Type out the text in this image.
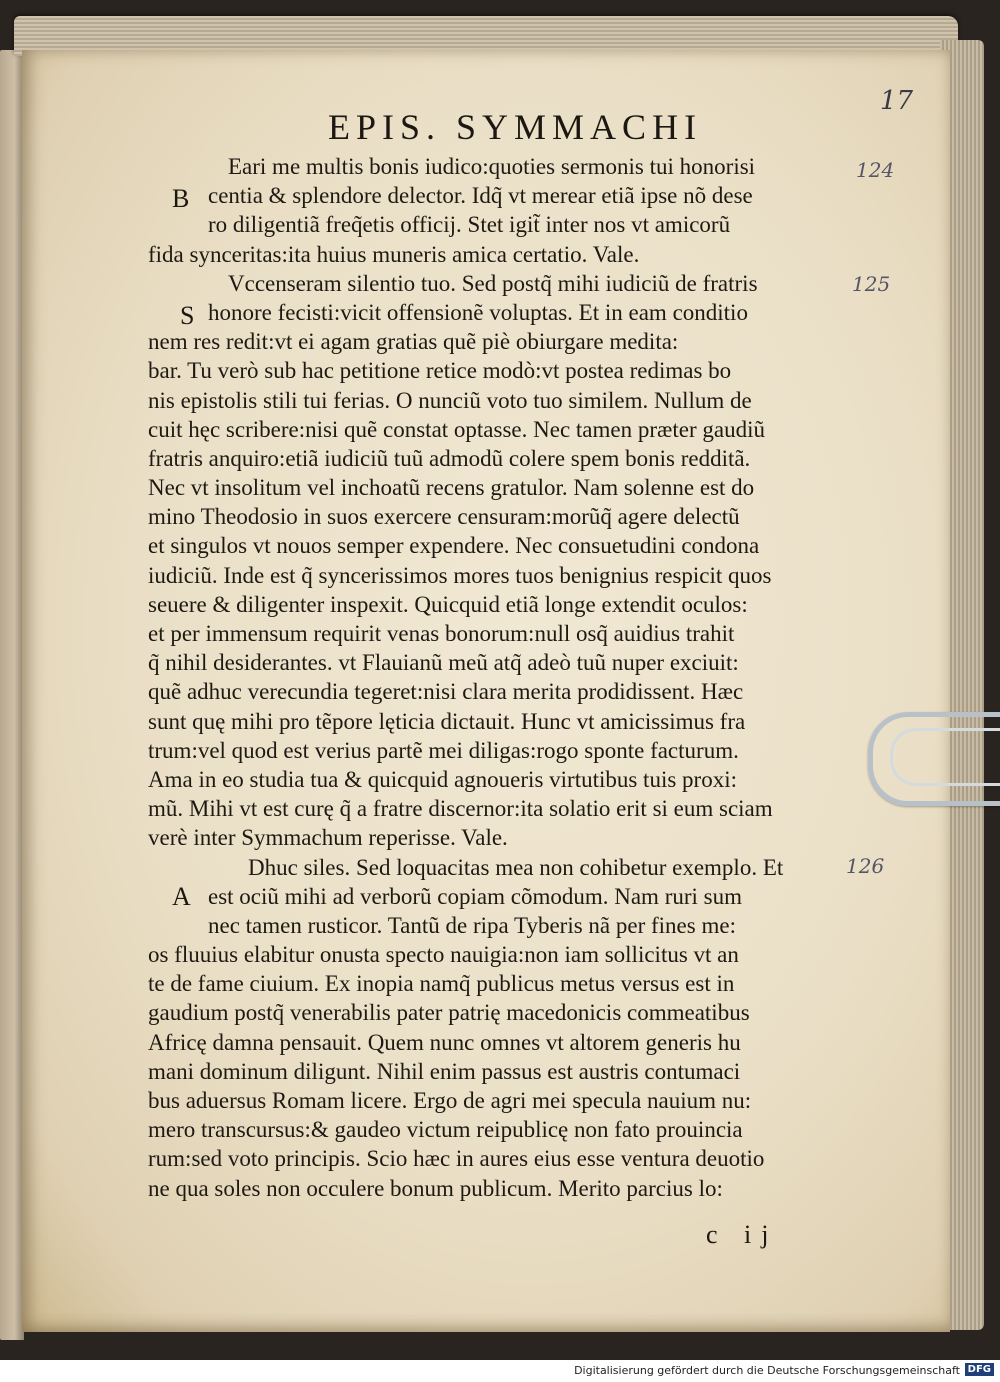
17
EPIS. SYMMACHI
B
S
A
124
125
126
Eari me multis bonis iudico:quoties sermonis tui honorisi
centia & splendore delector. Idq̃ vt merear etiã ipse nõ dese
ro diligentiã freq̃etis officij. Stet igit̃ inter nos vt amicorũ
fida synceritas:ita huius muneris amica certatio. Vale.
Vccenseram silentio tuo. Sed postq̃ mihi iudiciũ de fratris
honore fecisti:vicit offensionẽ voluptas. Et in eam conditio
nem res redit:vt ei agam gratias quẽ piè obiurgare medita:
bar. Tu verò sub hac petitione retice modò:vt postea redimas bo
nis epistolis stili tui ferias. O nunciũ voto tuo similem. Nullum de
cuit hęc scribere:nisi quẽ constat optasse. Nec tamen præter gaudiũ
fratris anquiro:etiã iudiciũ tuũ admodũ colere spem bonis redditã.
Nec vt insolitum vel inchoatũ recens gratulor. Nam solenne est do
mino Theodosio in suos exercere censuram:morũq̃ agere delectũ
et singulos vt nouos semper expendere. Nec consuetudini condona
iudiciũ. Inde est q̃ syncerissimos mores tuos benignius respicit quos
seuere & diligenter inspexit. Quicquid etiã longe extendit oculos:
et per immensum requirit venas bonorum:null osq̃ auidius trahit
q̃ nihil desiderantes. vt Flauianũ meũ atq̃ adeò tuũ nuper exciuit:
quẽ adhuc verecundia tegeret:nisi clara merita prodidissent. Hæc
sunt quę mihi pro tẽpore lęticia dictauit. Hunc vt amicissimus fra
trum:vel quod est verius partẽ mei diligas:rogo sponte facturum.
Ama in eo studia tua & quicquid agnoueris virtutibus tuis proxi:
mũ. Mihi vt est curę q̃ a fratre discernor:ita solatio erit si eum sciam
verè inter Symmachum reperisse. Vale.
Dhuc siles. Sed loquacitas mea non cohibetur exemplo. Et
est ociũ mihi ad verborũ copiam cõmodum. Nam ruri sum
nec tamen rusticor. Tantũ de ripa Tyberis nã per fines me:
os fluuius elabitur onusta specto nauigia:non iam sollicitus vt an
te de fame ciuium. Ex inopia namq̃ publicus metus versus est in
gaudium postq̃ venerabilis pater patrię macedonicis commeatibus
Africę damna pensauit. Quem nunc omnes vt altorem generis hu
mani dominum diligunt. Nihil enim passus est austris contumaci
bus aduersus Romam licere. Ergo de agri mei specula nauium nu:
mero transcursus:& gaudeo victum reipublicę non fato prouincia
rum:sed voto principis. Scio hæc in aures eius esse ventura deuotio
ne qua soles non occulere bonum publicum. Merito parcius lo:
c ij
Digitalisierung gefördert durch die Deutsche Forschungsgemeinschaft DFG
